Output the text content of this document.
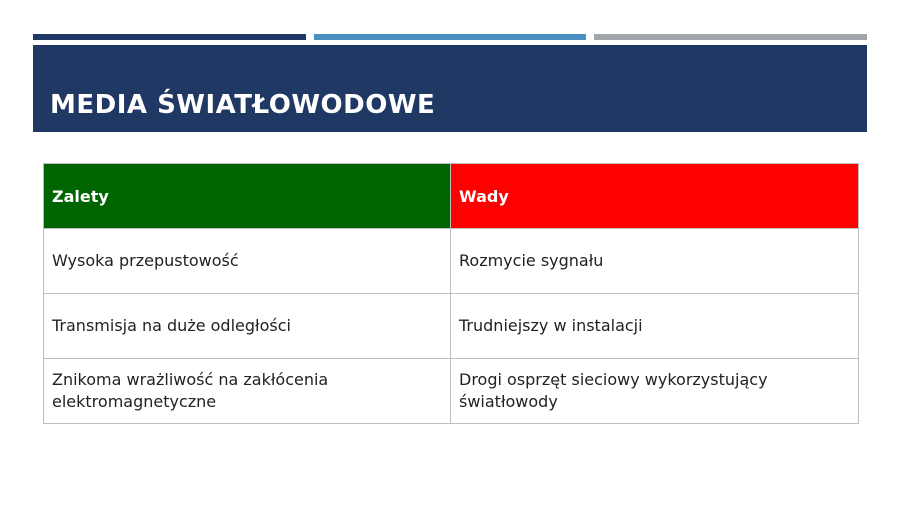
MEDIA ŚWIATŁOWODOWE
Zalety	Wady
Wysoka przepustowość	Rozmycie sygnału
Transmisja na duże odległości	Trudniejszy w instalacji
Znikoma wrażliwość na zakłócenia elektromagnetyczne	Drogi osprzęt sieciowy wykorzystujący światłowody
